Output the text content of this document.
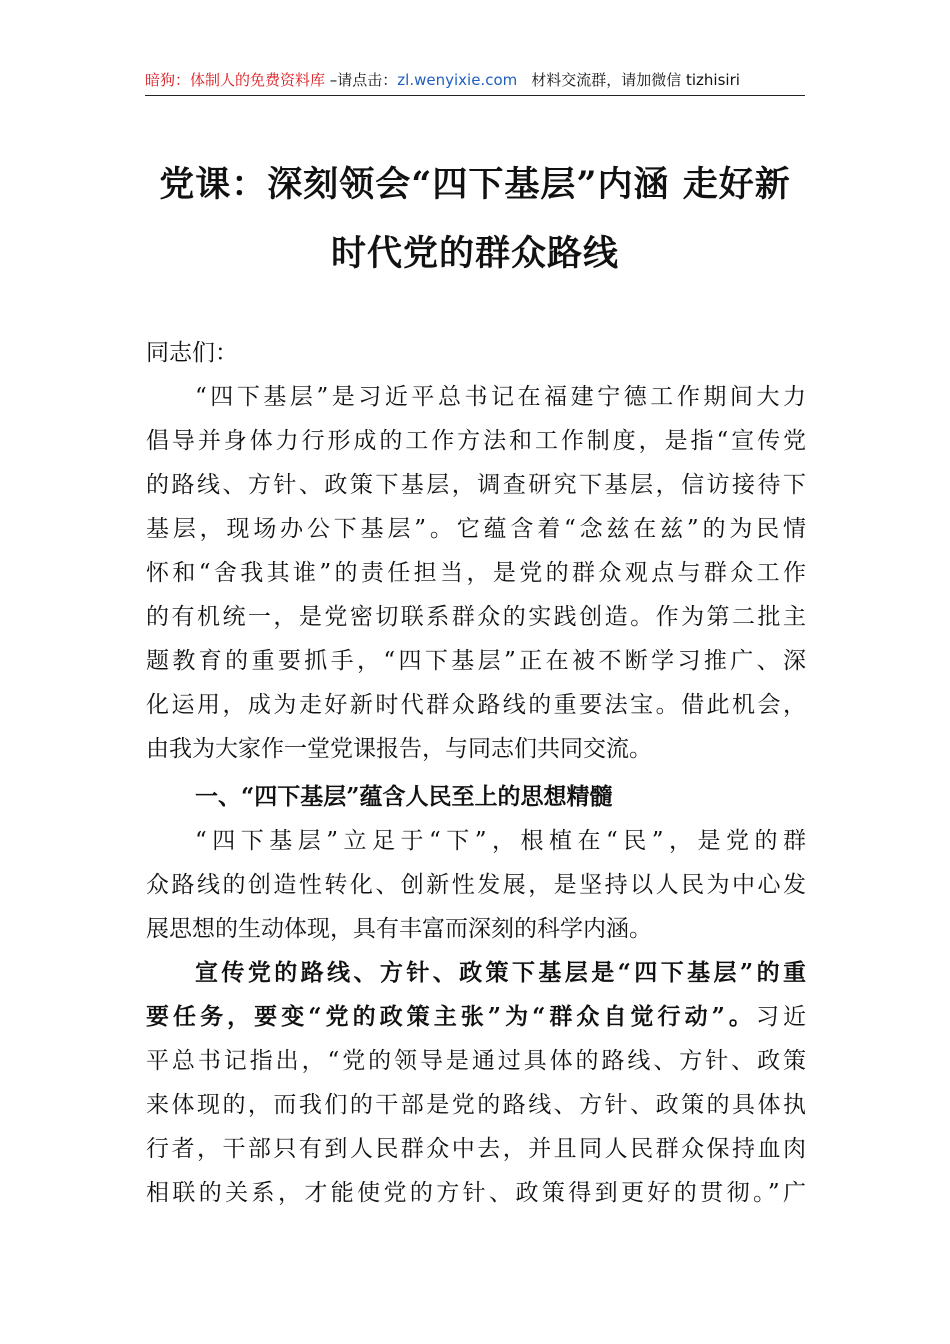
暗狗：体制人的免费资料库 –请点击：zl.wenyixie.com 材料交流群，请加微信 tizhisiri
党课：深刻领会“四下基层”内涵 走好新
时代党的群众路线
同志们：
“四下基层”是习近平总书记在福建宁德工作期间大力
倡导并身体力行形成的工作方法和工作制度，是指“宣传党
的路线、方针、政策下基层，调查研究下基层，信访接待下
基层，现场办公下基层”。它蕴含着“念兹在兹”的为民情
怀和“舍我其谁”的责任担当，是党的群众观点与群众工作
的有机统一，是党密切联系群众的实践创造。作为第二批主
题教育的重要抓手，“四下基层”正在被不断学习推广、深
化运用，成为走好新时代群众路线的重要法宝。借此机会，
由我为大家作一堂党课报告，与同志们共同交流。
一、“四下基层”蕴含人民至上的思想精髓
“四下基层”立足于“下”，根植在“民”，是党的群
众路线的创造性转化、创新性发展，是坚持以人民为中心发
展思想的生动体现，具有丰富而深刻的科学内涵。
宣传党的路线、方针、政策下基层是“四下基层”的重
要任务，要变“党的政策主张”为“群众自觉行动”。习近
平总书记指出，“党的领导是通过具体的路线、方针、政策
来体现的，而我们的干部是党的路线、方针、政策的具体执
行者，干部只有到人民群众中去，并且同人民群众保持血肉
相联的关系，才能使党的方针、政策得到更好的贯彻。”广
